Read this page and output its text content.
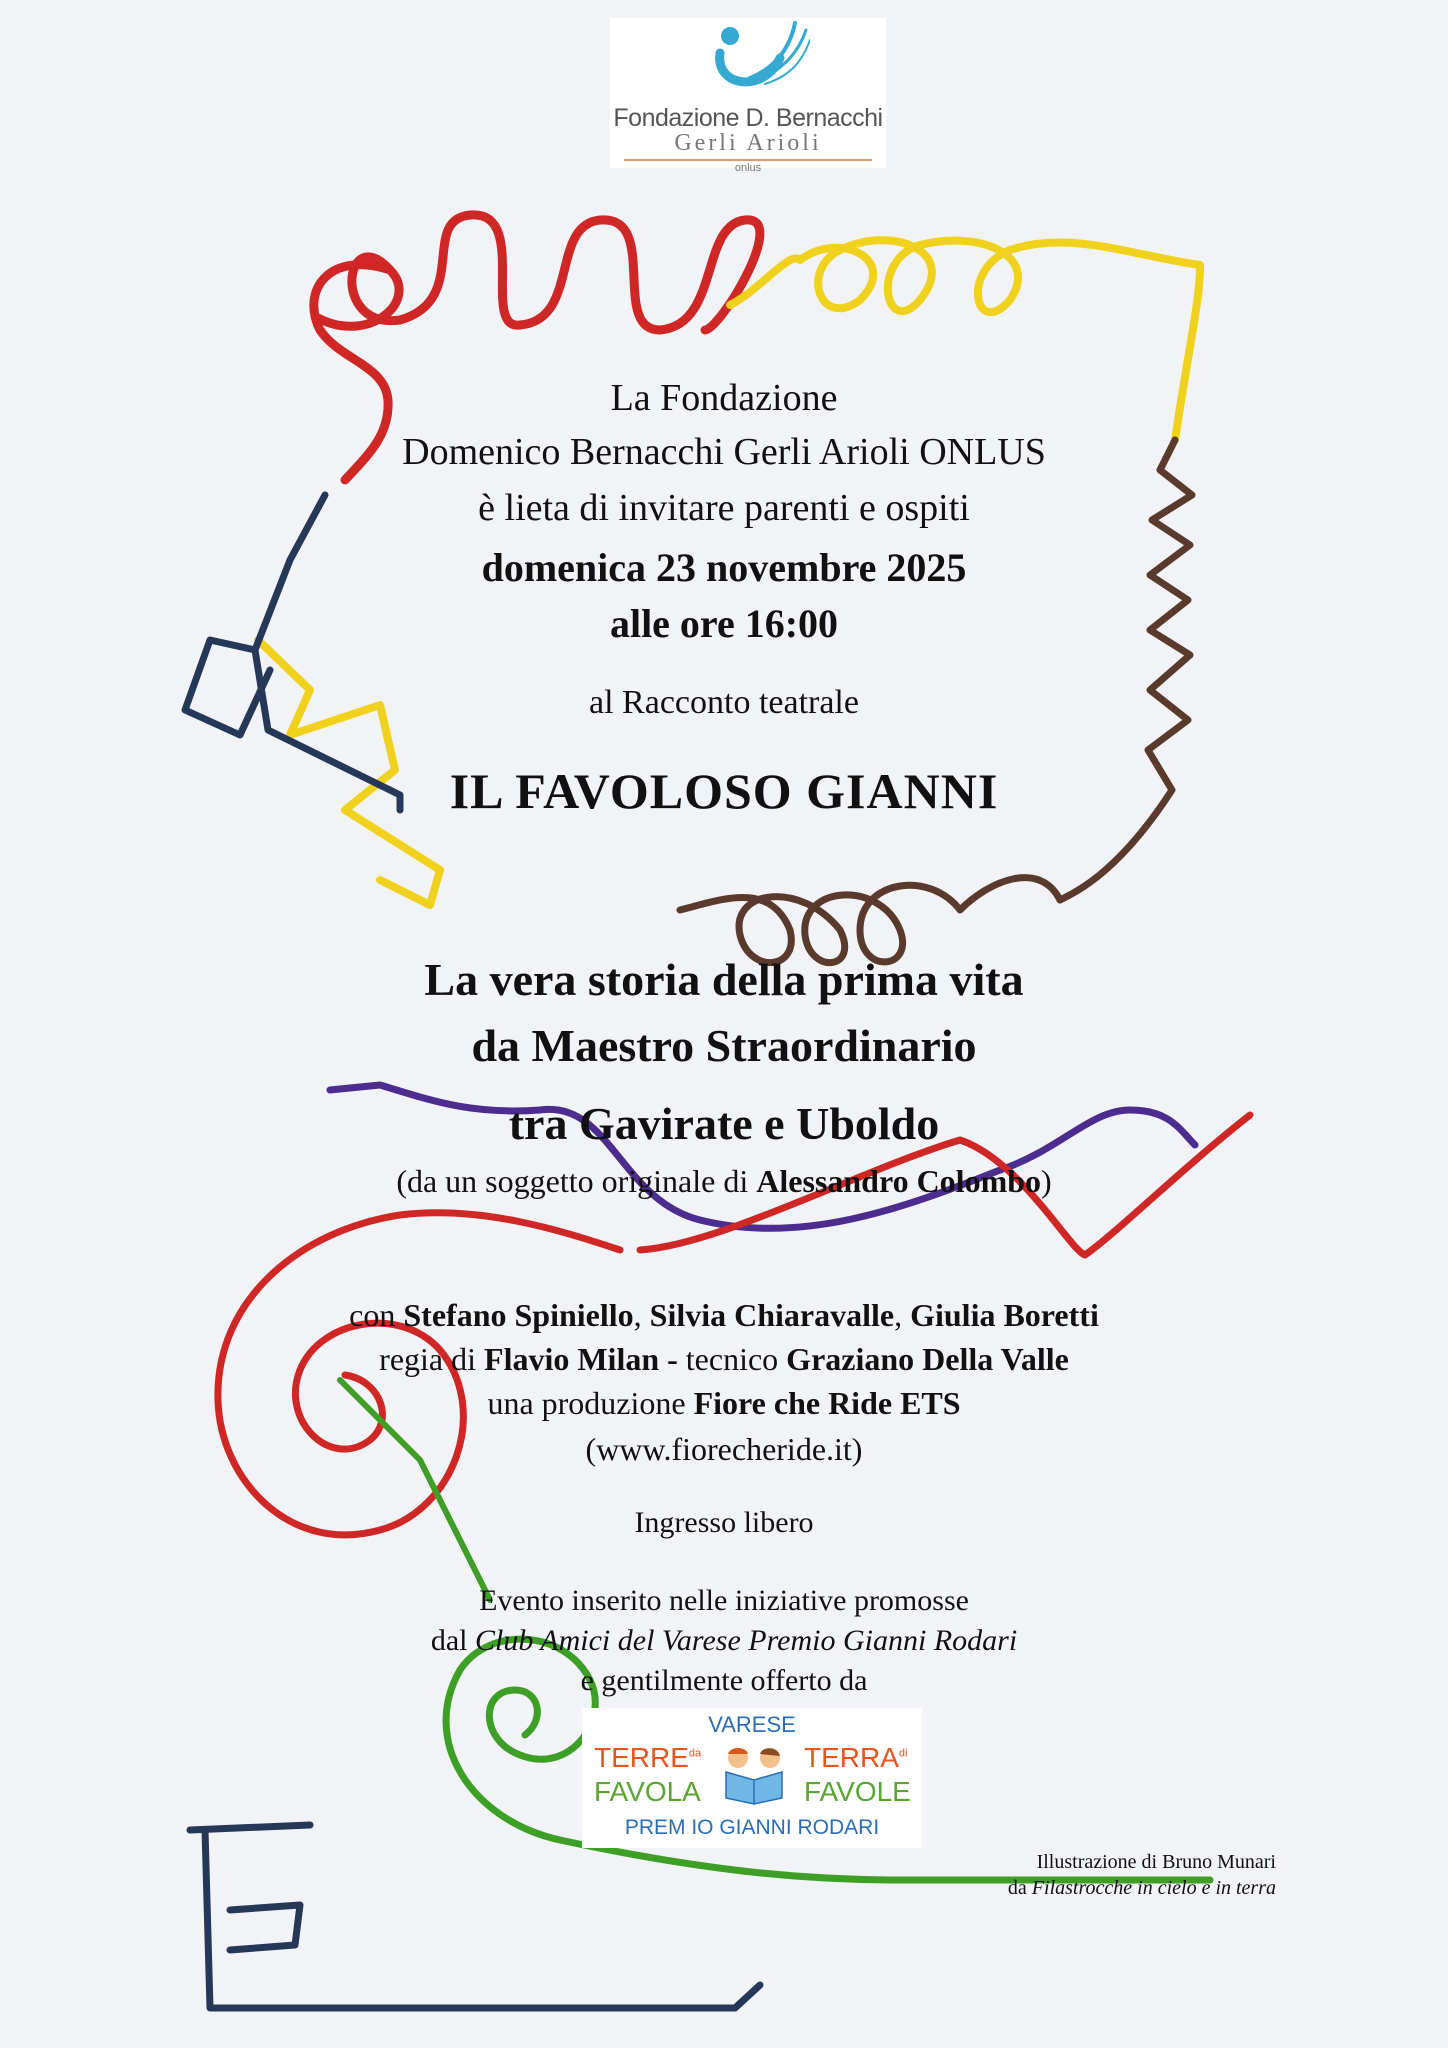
Fondazione D. Bernacchi
Gerli Arioli
onlus
La Fondazione
Domenico Bernacchi Gerli Arioli ONLUS
è lieta di invitare parenti e ospiti
domenica 23 novembre 2025
alle ore 16:00
al Racconto teatrale
IL FAVOLOSO GIANNI
La vera storia della prima vita
da Maestro Straordinario
tra Gavirate e Uboldo
(da un soggetto originale di Alessandro Colombo)
con Stefano Spiniello, Silvia Chiaravalle, Giulia Boretti
regia di Flavio Milan - tecnico Graziano Della Valle
una produzione Fiore che Ride ETS
(www.fiorecheride.it)
Ingresso libero
Evento inserito nelle iniziative promosse
dal Club Amici del Varese Premio Gianni Rodari
e gentilmente offerto da
VARESE
$TERRE^{da}$
FAVOLA
$TERRA^{di}$
FAVOLE
PREM IO GIANNI RODARI
Illustrazione di Bruno Munari
da Filastrocche in cielo e in terra
